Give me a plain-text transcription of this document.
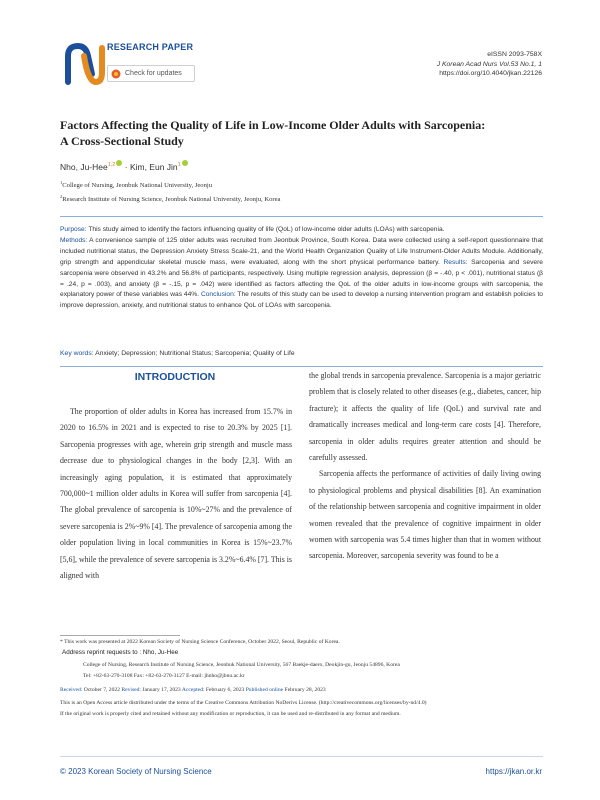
RESEARCH PAPER
Check for updates
eISSN 2093-758X
J Korean Acad Nurs Vol.53 No.1, 1
https://doi.org/10.4040/jkan.22126
Factors Affecting the Quality of Life in Low-Income Older Adults with Sarcopenia:
A Cross-Sectional Study
Nho, Ju-Hee$^{1,2}$ · Kim, Eun Jin$^1$
$^1$College of Nursing, Jeonbuk National University, Jeonju
$^2$Research Institute of Nursing Science, Jeonbuk National University, Jeonju, Korea
Purpose: This study aimed to identify the factors influencing quality of life (QoL) of low-income older adults (LOAs) with sarcopenia.
Methods: A convenience sample of 125 older adults was recruited from Jeonbuk Province, South Korea. Data were collected using a self-report questionnaire that included nutritional status, the Depression Anxiety Stress Scale-21, and the World Health Organization Quality of Life Instrument-Older Adults Module. Additionally, grip strength and appendicular skeletal muscle mass, were evaluated, along with the short physical performance battery. Results: Sarcopenia and severe sarcopenia were observed in 43.2% and 56.8% of participants, respectively. Using multiple regression analysis, depression (β = -.40, p < .001), nutritional status (β = .24, p = .003), and anxiety (β = -.15, p = .042) were identified as factors affecting the QoL of the older adults in low-income groups with sarcopenia, the explanatory power of these variables was 44%. Conclusion: The results of this study can be used to develop a nursing intervention program and establish policies to improve depression, anxiety, and nutritional status to enhance QoL of LOAs with sarcopenia.
Key words: Anxiety; Depression; Nutritional Status; Sarcopenia; Quality of Life
INTRODUCTION

The proportion of older adults in Korea has increased from 15.7% in 2020 to 16.5% in 2021 and is expected to rise to 20.3% by 2025 [1]. Sarcopenia progresses with age, wherein grip strength and muscle mass decrease due to physiological changes in the body [2,3]. With an increasingly aging population, it is estimated that approximately 700,000~1 million older adults in Korea will suffer from sarcopenia [4]. The global prevalence of sarcopenia is 10%~27% and the prevalence of severe sarcopenia is 2%~9% [4]. The prevalence of sarcopenia among the older population living in local communities in Korea is 15%~23.7% [5,6], while the prevalence of severe sarcopenia is 3.2%~6.4% [7]. This is aligned with

the global trends in sarcopenia prevalence. Sarcopenia is a major geriatric problem that is closely related to other diseases (e.g., diabetes, cancer, hip fracture); it affects the quality of life (QoL) and survival rate and dramatically increases medical and long-term care costs [4]. Therefore, sarcopenia in older adults requires greater attention and should be carefully assessed.

Sarcopenia affects the performance of activities of daily living owing to physiological problems and physical disabilities [8]. An examination of the relationship between sarcopenia and cognitive impairment in older women revealed that the prevalence of cognitive impairment in older women with sarcopenia was 5.4 times higher than that in women without sarcopenia. Moreover, sarcopenia severity was found to be a

* This work was presented at 2022 Korean Society of Nursing Science Conference, October 2022, Seoul, Republic of Korea.
Address reprint requests to : Nho, Ju-Hee
College of Nursing, Research Institute of Nursing Science, Jeonbuk National University, 567 Baekje-daero, Deokjin-gu, Jeonju 54896, Korea
Tel: +82-63-270-3108 Fax: +82-63-270-3127 E-mail: jhnho@jbnu.ac.kr
Received: October 7, 2022 Revised: January 17, 2023 Accepted: February 6, 2023 Published online February 28, 2023
This is an Open Access article distributed under the terms of the Creative Commons Attribution NoDerivs License. (http://creativecommons.org/licenses/by-nd/4.0)
If the original work is properly cited and retained without any modification or reproduction, it can be used and re-distributed in any format and medium.
© 2023 Korean Society of Nursing Science	https://jkan.or.kr
